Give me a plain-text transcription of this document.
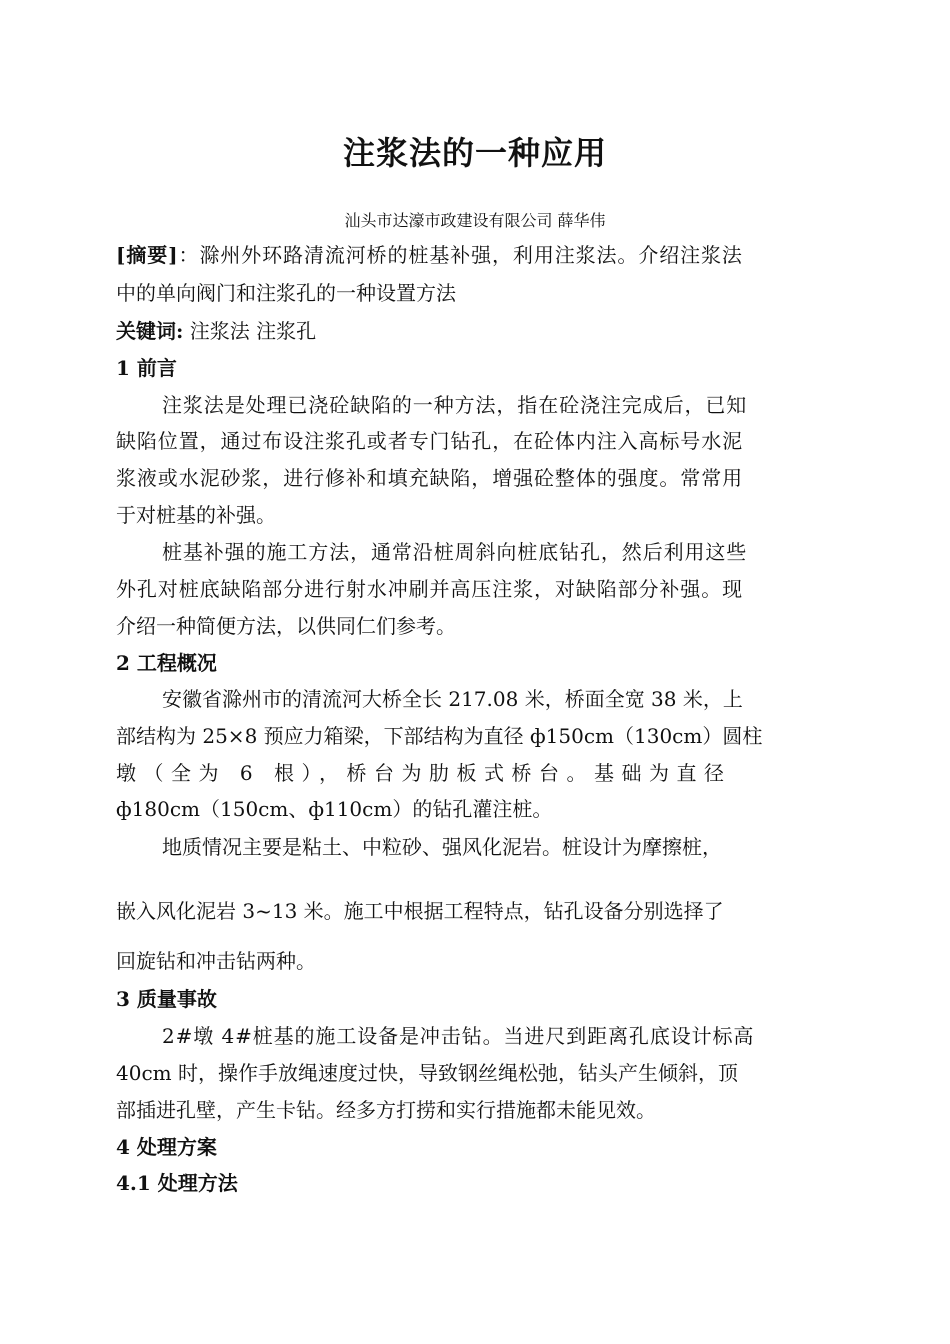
注浆法的一种应用

汕头市达濠市政建设有限公司 薛华伟

[摘要]：滁州外环路清流河桥的桩基补强，利用注浆法。介绍注浆法

中的单向阀门和注浆孔的一种设置方法

关键词: 注浆法 注浆孔

1 前言

注浆法是处理已浇砼缺陷的一种方法，指在砼浇注完成后，已知

缺陷位置，通过布设注浆孔或者专门钻孔，在砼体内注入高标号水泥

浆液或水泥砂浆，进行修补和填充缺陷，增强砼整体的强度。常常用

于对桩基的补强。

桩基补强的施工方法，通常沿桩周斜向桩底钻孔，然后利用这些

外孔对桩底缺陷部分进行射水冲刷并高压注浆，对缺陷部分补强。现

介绍一种简便方法，以供同仁们参考。

2 工程概况

安徽省滁州市的清流河大桥全长 217.08 米，桥面全宽 38 米，上

部结构为 25×8 预应力箱梁，下部结构为直径 ф150cm（130cm）圆柱

墩（全为 6 根），桥台为肋板式桥台。基础为直径

ф180cm（150cm、ф110cm）的钻孔灌注桩。

地质情况主要是粘土、中粒砂、强风化泥岩。桩设计为摩擦桩，

嵌入风化泥岩 3~13 米。施工中根据工程特点，钻孔设备分别选择了

回旋钻和冲击钻两种。

3 质量事故

2#墩 4#桩基的施工设备是冲击钻。当进尺到距离孔底设计标高

40cm 时，操作手放绳速度过快，导致钢丝绳松弛，钻头产生倾斜，顶

部插进孔壁，产生卡钻。经多方打捞和实行措施都未能见效。

4 处理方案

4.1 处理方法
